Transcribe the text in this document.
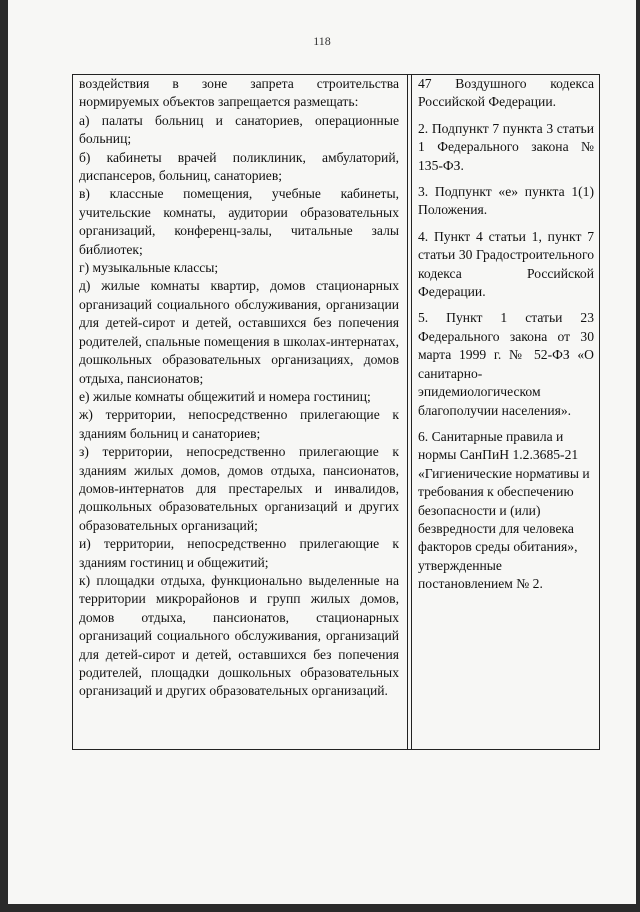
118

воздействия в зоне запрета строительства нормируемых объектов запрещается размещать:

а) палаты больниц и санаториев, операционные больниц;

б) кабинеты врачей поликлиник, амбулаторий, диспансеров, больниц, санаториев;

в) классные помещения, учебные кабинеты, учительские комнаты, аудитории образовательных организаций, конференц-залы, читальные залы библиотек;

г) музыкальные классы;

д) жилые комнаты квартир, домов стационарных организаций социального обслуживания, организации для детей-сирот и детей, оставшихся без попечения родителей, спальные помещения в школах-интернатах, дошкольных образовательных организациях, домов отдыха, пансионатов;

е) жилые комнаты общежитий и номера гостиниц;

ж) территории, непосредственно прилегающие к зданиям больниц и санаториев;

з) территории, непосредственно прилегающие к зданиям жилых домов, домов отдыха, пансионатов, домов-интернатов для престарелых и инвалидов, дошкольных образовательных организаций и других образовательных организаций;

и) территории, непосредственно прилегающие к зданиям гостиниц и общежитий;

к) площадки отдыха, функционально выделенные на территории микрорайонов и групп жилых домов, домов отдыха, пансионатов, стационарных организаций социального обслуживания, организаций для детей-сирот и детей, оставшихся без попечения родителей, площадки дошкольных образовательных организаций и других образовательных организаций.

47 Воздушного кодекса Российской Федерации.

2. Подпункт 7 пункта 3 статьи 1 Федерального закона № 135-ФЗ.

3. Подпункт «е» пункта 1(1) Положения.

4. Пункт 4 статьи 1, пункт 7 статьи 30 Градостроительного кодекса Российской Федерации.

5. Пункт 1 статьи 23 Федерального закона от 30 марта 1999 г. № 52-ФЗ «О санитарно-эпидемиологическом благополучии населения».

6. Санитарные правила и нормы СанПиН 1.2.3685-21 «Гигиенические нормативы и требования к обеспечению безопасности и (или) безвредности для человека факторов среды обитания»,

утвержденные

постановлением № 2.
